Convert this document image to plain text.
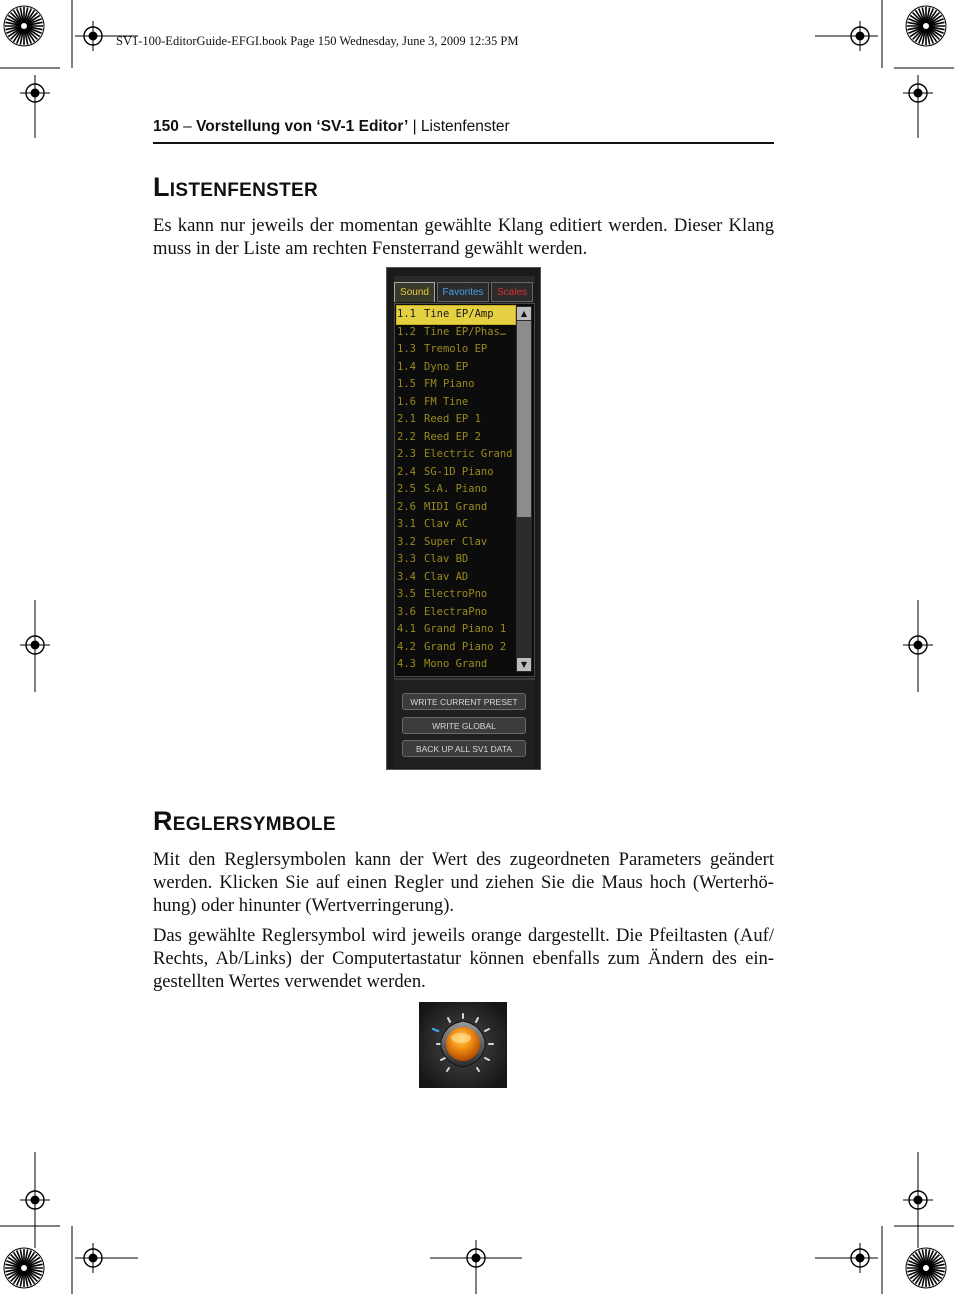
SV1-100-EditorGuide-EFGI.book Page 150 Wednesday, June 3, 2009 12:35 PM
150 – Vorstellung von ‘SV-1 Editor’ | Listenfenster
Listenfenster

Es kann nur jeweils der momentan gewählte Klang editiert werden. Dieser Klang
muss in der Liste am rechten Fensterrand gewählt werden.

Sound	Favorites	Scales
1.1 Tine EP/Amp
1.2 Tine EP/Phas…
1.3 Tremolo EP
1.4 Dyno EP
1.5 FM Piano
1.6 FM Tine
2.1 Reed EP 1
2.2 Reed EP 2
2.3 Electric Grand
2.4 SG-1D Piano
2.5 S.A. Piano
2.6 MIDI Grand
3.1 Clav AC
3.2 Super Clav
3.3 Clav BD
3.4 Clav AD
3.5 ElectroPno
3.6 ElectraPno
4.1 Grand Piano 1
4.2 Grand Piano 2
4.3 Mono Grand
▲
▼
WRITE CURRENT PRESET
WRITE GLOBAL
BACK UP ALL SV1 DATA
Reglersymbole

Mit den Reglersymbolen kann der Wert des zugeordneten Parameters geändert
werden. Klicken Sie auf einen Regler und ziehen Sie die Maus hoch (Werterhö-
hung) oder hinunter (Wertverringerung).

Das gewählte Reglersymbol wird jeweils orange dargestellt. Die Pfeiltasten (Auf/
Rechts, Ab/Links) der Computertastatur können ebenfalls zum Ändern des ein-
gestellten Wertes verwendet werden.
